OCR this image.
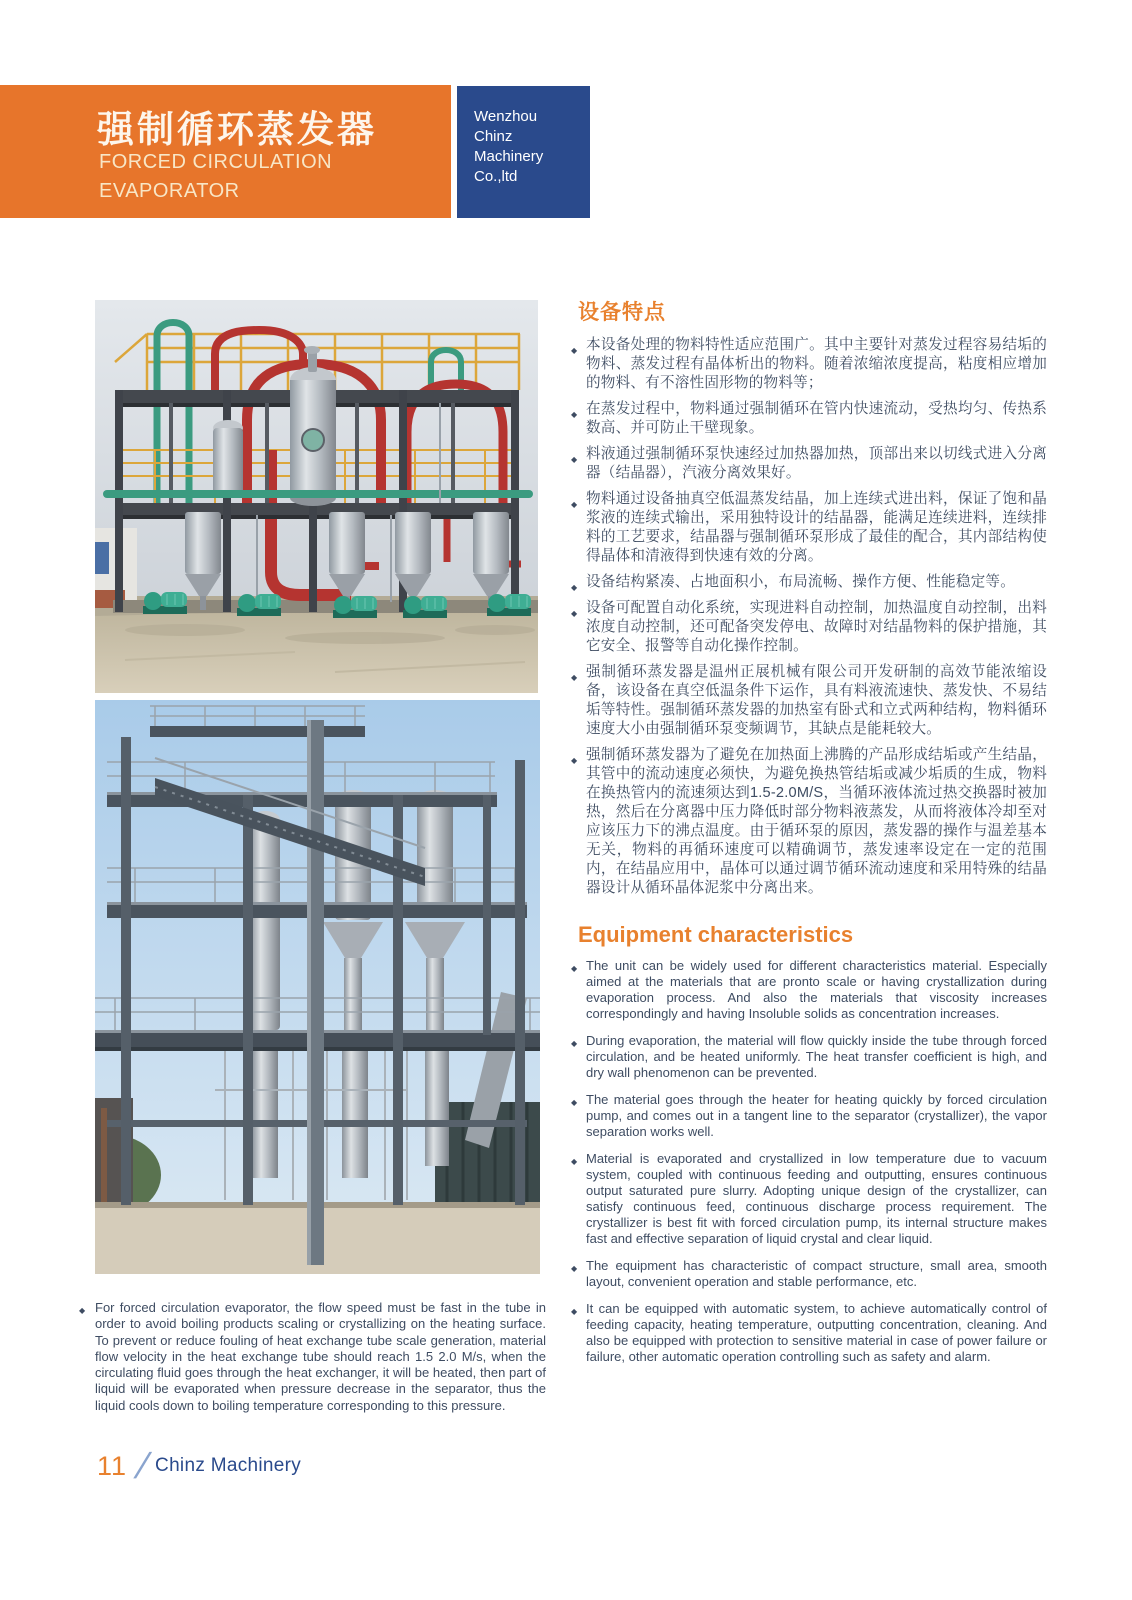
强制循环蒸发器
FORCED CIRCULATION
EVAPORATOR
Wenzhou
Chinz
Machinery
Co.,ltd
设备特点
◆ 本设备处理的物料特性适应范围广。其中主要针对蒸发过程容易结垢的物料、蒸发过程有晶体析出的物料。随着浓缩浓度提高，粘度相应增加的物料、有不溶性固形物的物料等；
◆ 在蒸发过程中，物料通过强制循环在管内快速流动，受热均匀、传热系数高、并可防止干壁现象。
◆ 料液通过强制循环泵快速经过加热器加热，顶部出来以切线式进入分离器（结晶器），汽液分离效果好。
◆ 物料通过设备抽真空低温蒸发结晶，加上连续式进出料，保证了饱和晶浆液的连续式输出，采用独特设计的结晶器，能满足连续进料，连续排料的工艺要求，结晶器与强制循环泵形成了最佳的配合，其内部结构使得晶体和清液得到快速有效的分离。
◆ 设备结构紧凑、占地面积小，布局流畅、操作方便、性能稳定等。
◆ 设备可配置自动化系统，实现进料自动控制，加热温度自动控制，出料浓度自动控制，还可配备突发停电、故障时对结晶物料的保护措施，其它安全、报警等自动化操作控制。
◆ 强制循环蒸发器是温州正展机械有限公司开发研制的高效节能浓缩设备，该设备在真空低温条件下运作，具有料液流速快、蒸发快、不易结垢等特性。强制循环蒸发器的加热室有卧式和立式两种结构，物料循环速度大小由强制循环泵变频调节，其缺点是能耗较大。
◆ 强制循环蒸发器为了避免在加热面上沸腾的产品形成结垢或产生结晶，其管中的流动速度必须快，为避免换热管结垢或减少垢质的生成，物料在换热管内的流速须达到1.5-2.0M/S，当循环液体流过热交换器时被加热，然后在分离器中压力降低时部分物料液蒸发，从而将液体冷却至对应该压力下的沸点温度。由于循环泵的原因，蒸发器的操作与温差基本无关，物料的再循环速度可以精确调节，蒸发速率设定在一定的范围内，在结晶应用中，晶体可以通过调节循环流动速度和采用特殊的结晶器设计从循环晶体泥浆中分离出来。
Equipment characteristics
◆ The unit can be widely used for different characteristics material. Especially aimed at the materials that are pronto scale or having crystallization during evaporation process. And also the materials that viscosity increases correspondingly and having Insoluble solids as concentration increases.
◆ During evaporation, the material will flow quickly inside the tube through forced circulation, and be heated uniformly. The heat transfer coefficient is high, and dry wall phenomenon can be prevented.
◆ The material goes through the heater for heating quickly by forced circulation pump, and comes out in a tangent line to the separator (crystallizer), the vapor separation works well.
◆ Material is evaporated and crystallized in low temperature due to vacuum system, coupled with continuous feeding and outputting, ensures continuous output saturated pure slurry. Adopting unique design of the crystallizer, can satisfy continuous feed, continuous discharge process requirement. The crystallizer is best fit with forced circulation pump, its internal structure makes fast and effective separation of liquid crystal and clear liquid.
◆ The equipment has characteristic of compact structure, small area, smooth layout, convenient operation and stable performance, etc.
◆ It can be equipped with automatic system, to achieve automatically control of feeding capacity, heating temperature, outputting concentration, cleaning. And also be equipped with protection to sensitive material in case of power failure or failure, other automatic operation controlling such as safety and alarm.
◆ For forced circulation evaporator, the flow speed must be fast in the tube in order to avoid boiling products scaling or crystallizing on the heating surface. To prevent or reduce fouling of heat exchange tube scale generation, material flow velocity in the heat exchange tube should reach 1.5 2.0 M/s, when the circulating fluid goes through the heat exchanger, it will be heated, then part of liquid will be evaporated when pressure decrease in the separator, thus the liquid cools down to boiling temperature corresponding to this pressure.
11 / Chinz Machinery
